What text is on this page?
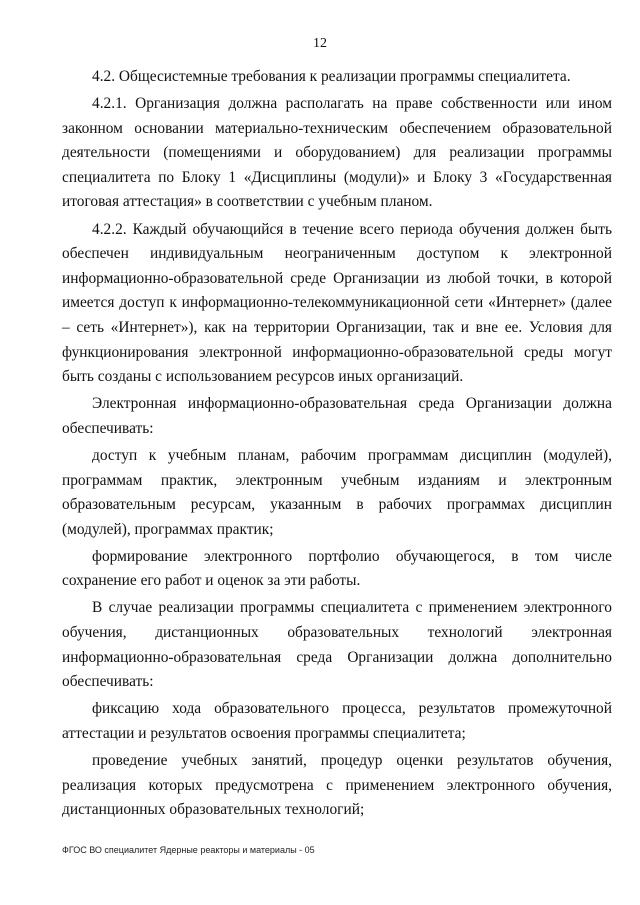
12

4.2. Общесистемные требования к реализации программы специалитета.

4.2.1. Организация должна располагать на праве собственности или ином законном основании материально-техническим обеспечением образовательной деятельности (помещениями и оборудованием) для реализации программы специалитета по Блоку 1 «Дисциплины (модули)» и Блоку 3 «Государственная итоговая аттестация» в соответствии с учебным планом.

4.2.2. Каждый обучающийся в течение всего периода обучения должен быть обеспечен индивидуальным неограниченным доступом к электронной информационно-образовательной среде Организации из любой точки, в которой имеется доступ к информационно-телекоммуникационной сети «Интернет» (далее – сеть «Интернет»), как на территории Организации, так и вне ее. Условия для функционирования электронной информационно-образовательной среды могут быть созданы с использованием ресурсов иных организаций.

Электронная информационно-образовательная среда Организации должна обеспечивать:

доступ к учебным планам, рабочим программам дисциплин (модулей), программам практик, электронным учебным изданиям и электронным образовательным ресурсам, указанным в рабочих программах дисциплин (модулей), программах практик;

формирование электронного портфолио обучающегося, в том числе сохранение его работ и оценок за эти работы.

В случае реализации программы специалитета с применением электронного обучения, дистанционных образовательных технологий электронная информационно-образовательная среда Организации должна дополнительно обеспечивать:

фиксацию хода образовательного процесса, результатов промежуточной аттестации и результатов освоения программы специалитета;

проведение учебных занятий, процедур оценки результатов обучения, реализация которых предусмотрена с применением электронного обучения, дистанционных образовательных технологий;

ФГОС ВО специалитет Ядерные реакторы и материалы - 05
